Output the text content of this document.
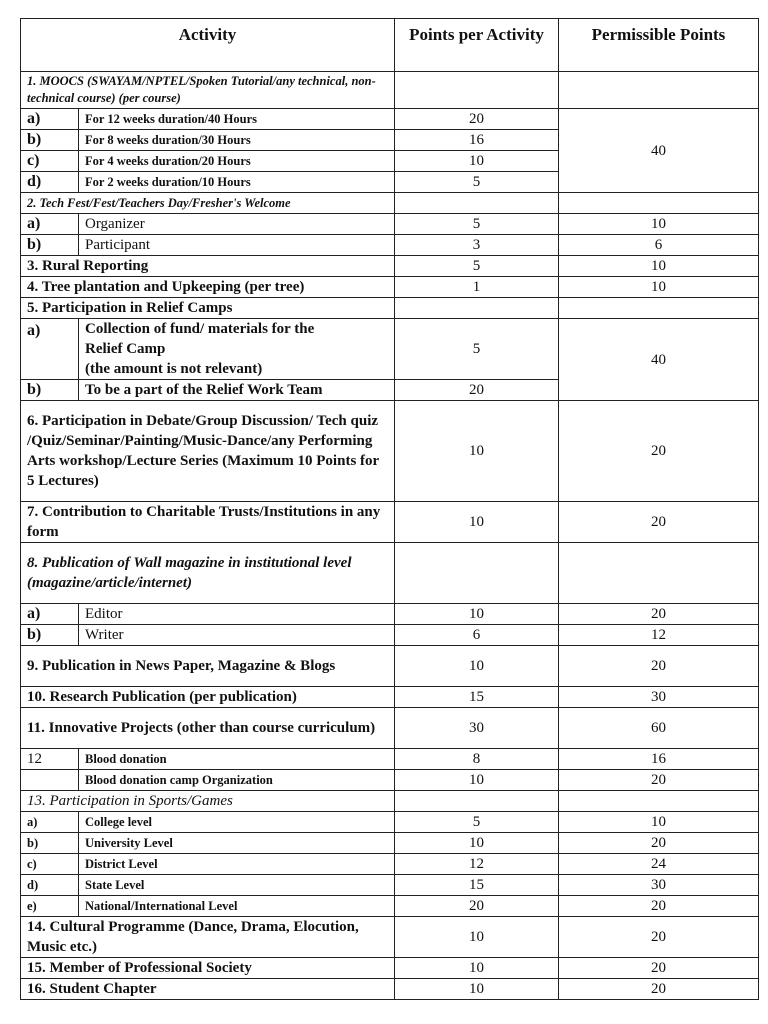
Activity		Points per Activity	Permissible Points
1. MOOCS (SWAYAM/NPTEL/Spoken Tutorial/any technical, non-technical course) (per course)			
a)	For 12 weeks duration/40 Hours	20	40
b)	For 8 weeks duration/30 Hours	16	
c)	For 4 weeks duration/20 Hours	10	
d)	For 2 weeks duration/10 Hours	5	
2. Tech Fest/Fest/Teachers Day/Fresher's Welcome			
a)	Organizer	5	10
b)	Participant	3	6
3. Rural Reporting		5	10
4. Tree plantation and Upkeeping (per tree)		1	10
5. Participation in Relief Camps			
a)	Collection of fund/ materials for the
Relief Camp
(the amount is not relevant)	5	40
b)	To be a part of the Relief Work Team	20	
6. Participation in Debate/Group Discussion/ Tech quiz /Quiz/Seminar/Painting/Music-Dance/any Performing Arts workshop/Lecture Series (Maximum 10 Points for 5 Lectures)		10	20
7. Contribution to Charitable Trusts/Institutions in any form		10	20
8. Publication of Wall magazine in institutional level (magazine/article/internet)			
a)	Editor	10	20
b)	Writer	6	12
9. Publication in News Paper, Magazine & Blogs		10	20
10. Research Publication (per publication)		15	30
11. Innovative Projects (other than course curriculum)		30	60
12	Blood donation	8	16
	Blood donation camp Organization	10	20
13. Participation in Sports/Games			
a)	College level	5	10
b)	University Level	10	20
c)	District Level	12	24
d)	State Level	15	30
e)	National/International Level	20	20
14. Cultural Programme (Dance, Drama, Elocution, Music etc.)		10	20
15. Member of Professional Society		10	20
16. Student Chapter		10	20
